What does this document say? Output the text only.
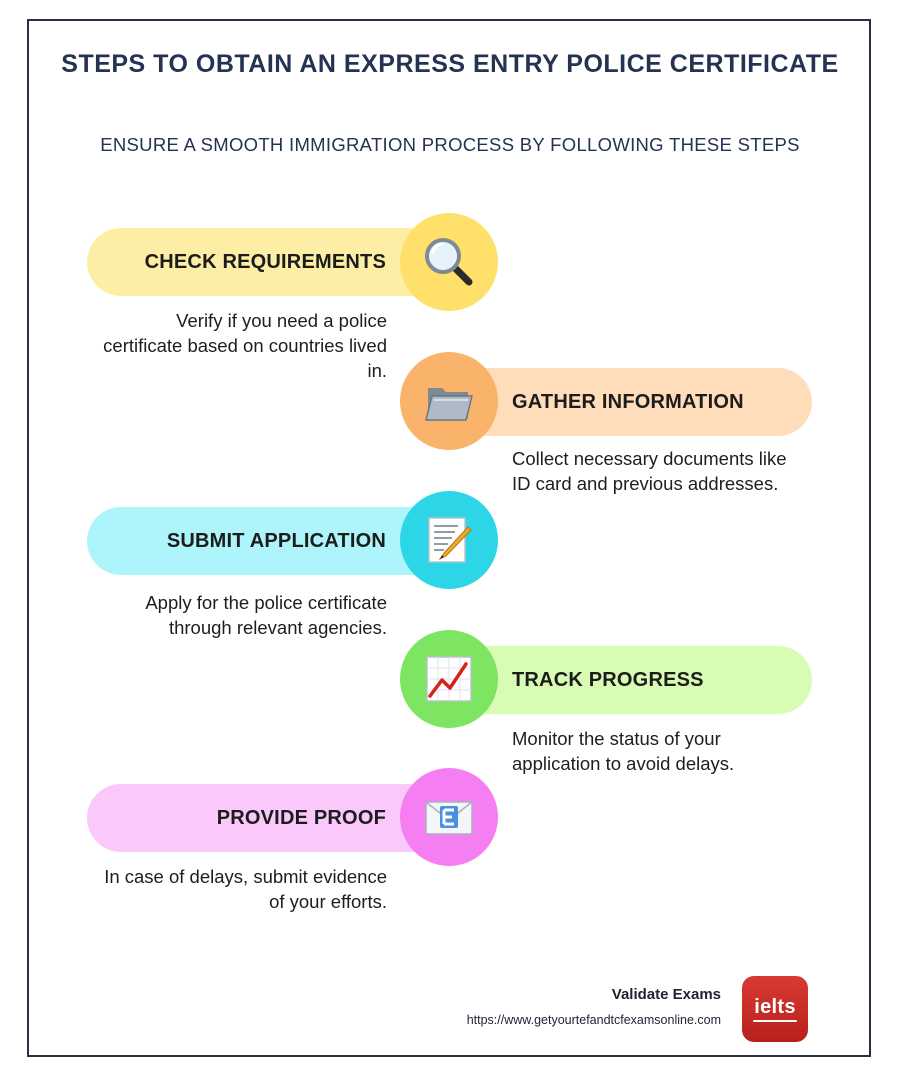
STEPS TO OBTAIN AN EXPRESS ENTRY POLICE CERTIFICATE
ENSURE A SMOOTH IMMIGRATION PROCESS BY FOLLOWING THESE STEPS
CHECK REQUIREMENTS
Verify if you need a police certificate based on countries lived in.
GATHER INFORMATION
Collect necessary documents like ID card and previous addresses.
SUBMIT APPLICATION
Apply for the police certificate through relevant agencies.
TRACK PROGRESS
Monitor the status of your application to avoid delays.
PROVIDE PROOF
In case of delays, submit evidence of your efforts.
Validate Exams
https://www.getyourtefandtcfexamsonline.com
ielts
